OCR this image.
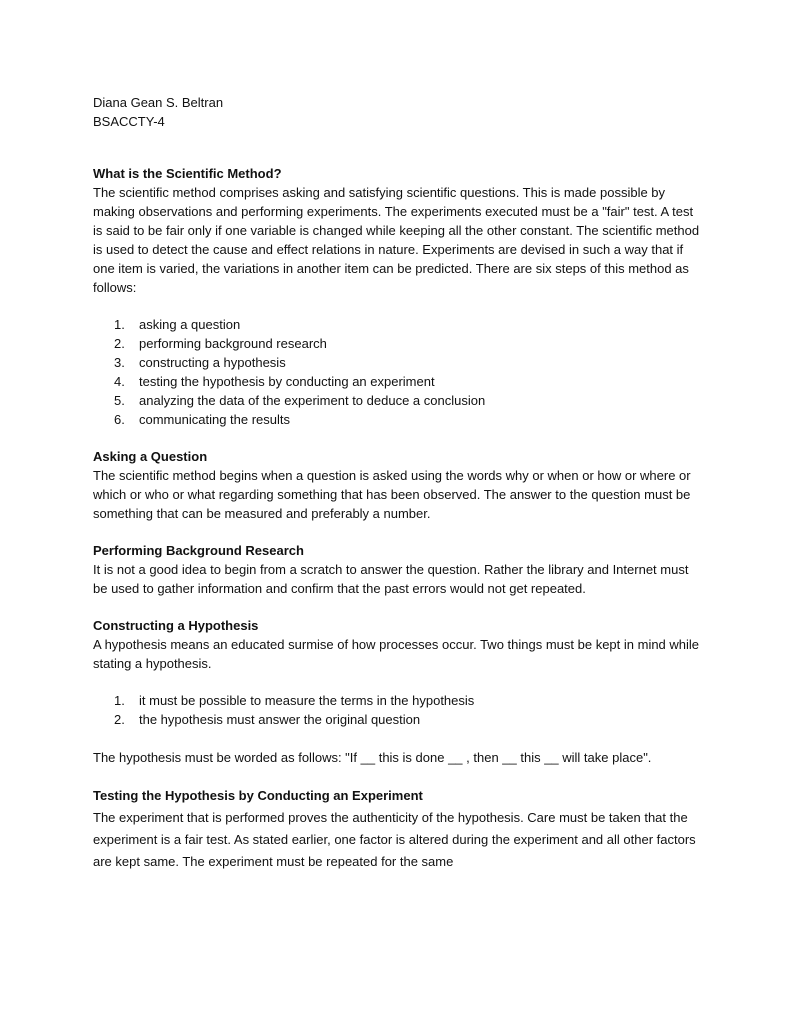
Diana Gean S. Beltran

BSACCTY-4

What is the Scientific Method?

The scientific method comprises asking and satisfying scientific questions. This is made possible by making observations and performing experiments. The experiments executed must be a "fair" test. A test is said to be fair only if one variable is changed while keeping all the other constant. The scientific method is used to detect the cause and effect relations in nature. Experiments are devised in such a way that if one item is varied, the variations in another item can be predicted. There are six steps of this method as follows:

1. asking a question
2. performing background research
3. constructing a hypothesis
4. testing the hypothesis by conducting an experiment
5. analyzing the data of the experiment to deduce a conclusion
6. communicating the results
Asking a Question

The scientific method begins when a question is asked using the words why or when or how or where or which or who or what regarding something that has been observed. The answer to the question must be something that can be measured and preferably a number.

Performing Background Research

It is not a good idea to begin from a scratch to answer the question. Rather the library and Internet must be used to gather information and confirm that the past errors would not get repeated.

Constructing a Hypothesis

A hypothesis means an educated surmise of how processes occur. Two things must be kept in mind while stating a hypothesis.

1. it must be possible to measure the terms in the hypothesis
2. the hypothesis must answer the original question

The hypothesis must be worded as follows: "If __ this is done __ , then __ this __ will take place".

Testing the Hypothesis by Conducting an Experiment

The experiment that is performed proves the authenticity of the hypothesis. Care must be taken that the experiment is a fair test. As stated earlier, one factor is altered during the experiment and all other factors are kept same. The experiment must be repeated for the same
